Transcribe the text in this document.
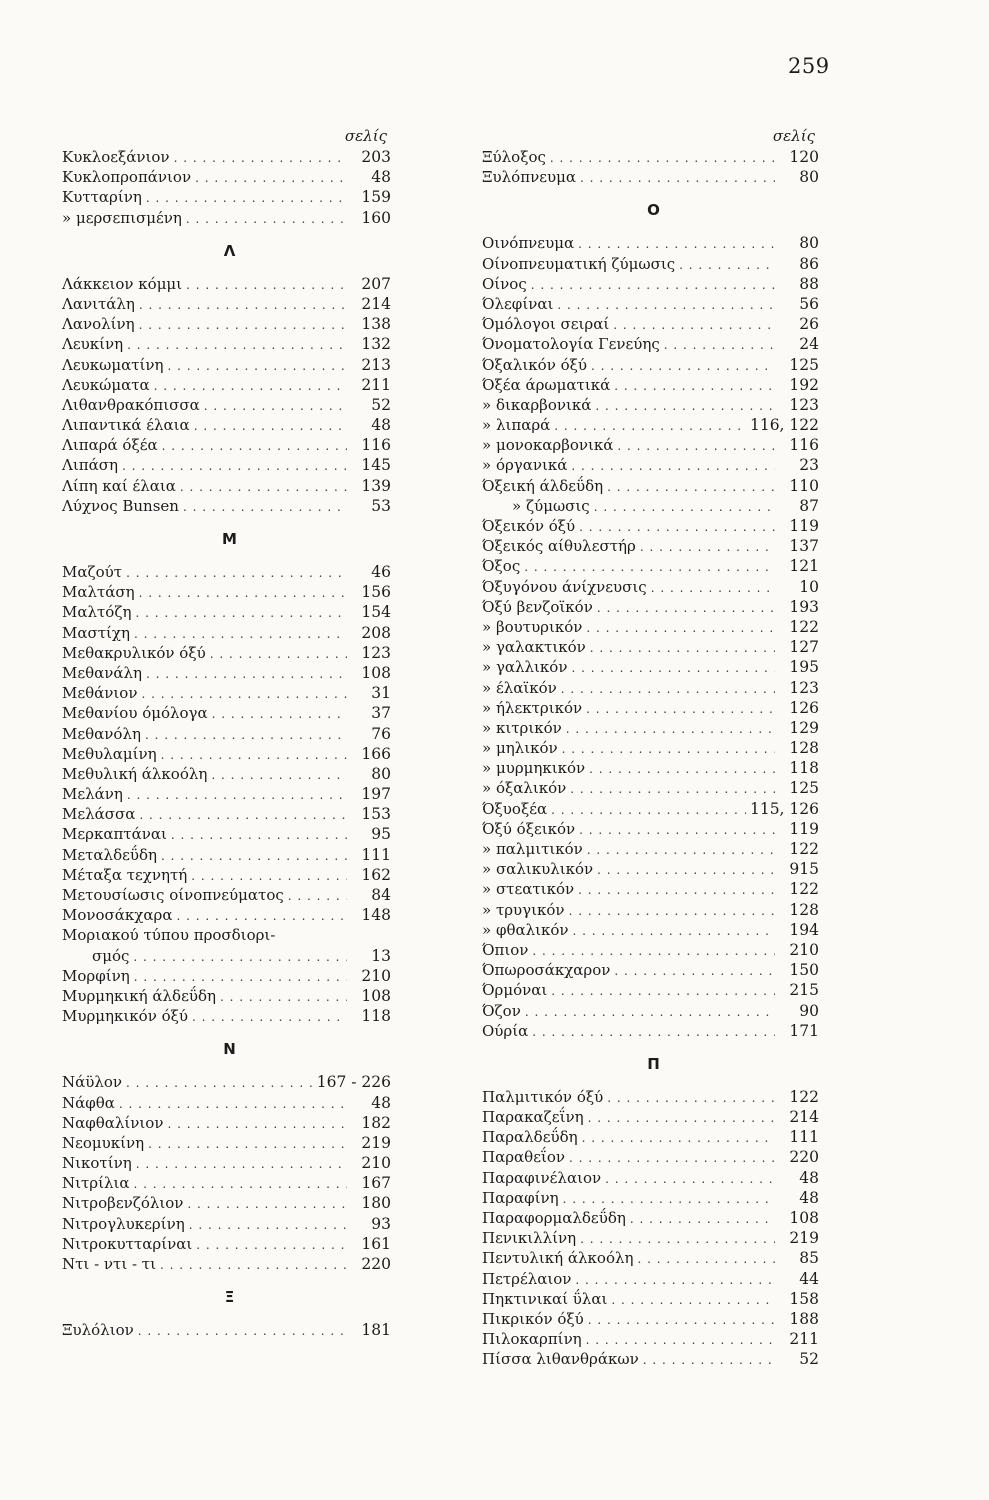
259
σελίς
Κυκλοεξάνιον . . .	203
Κυκλοπροπάνιον . . .	48
Κυτταρίνη . . .	159
» μερσεπισμένη . . .	160
Λ
Λάκκειον κόμμι . . .	207
Λανιτάλη . . .	214
Λανολίνη . . .	138
Λευκίνη . . .	132
Λευκωματίνη . . .	213
Λευκώματα . . .	211
Λιθανθρακόπισσα . . .	52
Λιπαντικά έλαια . . .	48
Λιπαρά όξέα . . .	116
Λιπάση . . .	145
Λίπη καί έλαια . . .	139
Λύχνος Bunsen . . .	53
Μ
Μαζούτ . . .	46
Μαλτάση . . .	156
Μαλτόζη . . .	154
Μαστίχη . . .	208
Μεθακρυλικόν όξύ . . .	123
Μεθανάλη . . .	108
Μεθάνιον . . .	31
Μεθανίου όμόλογα . . .	37
Μεθανόλη . . .	76
Μεθυλαμίνη . . .	166
Μεθυλική άλκοόλη . . .	80
Μελάνη . . .	197
Μελάσσα . . .	153
Μερκαπτάναι . . .	95
Μεταλδεΰδη . . .	111
Μέταξα τεχνητή . . .	162
Μετουσίωσις οίνοπνεύματος . . .	84
Μονοσάκχαρα . . .	148
Μοριακού τύπου προσδιορι-
σμός . . .	13
Μορφίνη . . .	210
Μυρμηκική άλδεΰδη . . .	108
Μυρμηκικόν όξύ . . .	118
Ν
Νάϋλον . . .	167 - 226
Νάφθα . . .	48
Ναφθαλίνιον . . .	182
Νεομυκίνη . . .	219
Νικοτίνη . . .	210
Νιτρίλια . . .	167
Νιτροβενζόλιον . . .	180
Νιτρογλυκερίνη . . .	93
Νιτροκυτταρίναι . . .	161
Ντι - ντι - τι . . .	220
Ξ
Ξυλόλιον . . .	181
σελίς
Ξύλοξος . . .	120
Ξυλόπνευμα . . .	80
Ο
Οινόπνευμα . . .	80
Οίνοπνευματική ζύμωσις . . .	86
Οίνος . . .	88
Όλεφίναι . . .	56
Όμόλογοι σειραί . . .	26
Όνοματολογία Γενεύης . . .	24
Όξαλικόν όξύ . . .	125
Όξέα άρωματικά . . .	192
» δικαρβονικά . . .	123
» λιπαρά . . .	116, 122
» μονοκαρβονικά . . .	116
» όργανικά . . .	23
Όξεική άλδεΰδη . . .	110
» ζύμωσις . . .	87
Όξεικόν όξύ . . .	119
Όξεικός αίθυλεστήρ . . .	137
Όξος . . .	121
Όξυγόνου άνίχνευσις . . .	10
Όξύ βενζοϊκόν . . .	193
» βουτυρικόν . . .	122
» γαλακτικόν . . .	127
» γαλλικόν . . .	195
» έλαϊκόν . . .	123
» ήλεκτρικόν . . .	126
» κιτρικόν . . .	129
» μηλικόν . . .	128
» μυρμηκικόν . . .	118
» όξαλικόν . . .	125
Όξυοξέα . . .	115, 126
Όξύ όξεικόν . . .	119
» παλμιτικόν . . .	122
» σαλικυλικόν . . .	915
» στεατικόν . . .	122
» τρυγικόν . . .	128
» φθαλικόν . . .	194
Όπιον . . .	210
Όπωροσάκχαρον . . .	150
Όρμόναι . . .	215
Όζον . . .	90
Ούρία . . .	171
Π
Παλμιτικόν όξύ . . .	122
Παρακαζεΐνη . . .	214
Παραλδεΰδη . . .	111
Παραθεΐον . . .	220
Παραφινέλαιον . . .	48
Παραφίνη . . .	48
Παραφορμαλδεΰδη . . .	108
Πενικιλλίνη . . .	219
Πεντυλική άλκοόλη . . .	85
Πετρέλαιον . . .	44
Πηκτινικαί ΰλαι . . .	158
Πικρικόν όξύ . . .	188
Πιλοκαρπίνη . . .	211
Πίσσα λιθανθράκων . . .	52
